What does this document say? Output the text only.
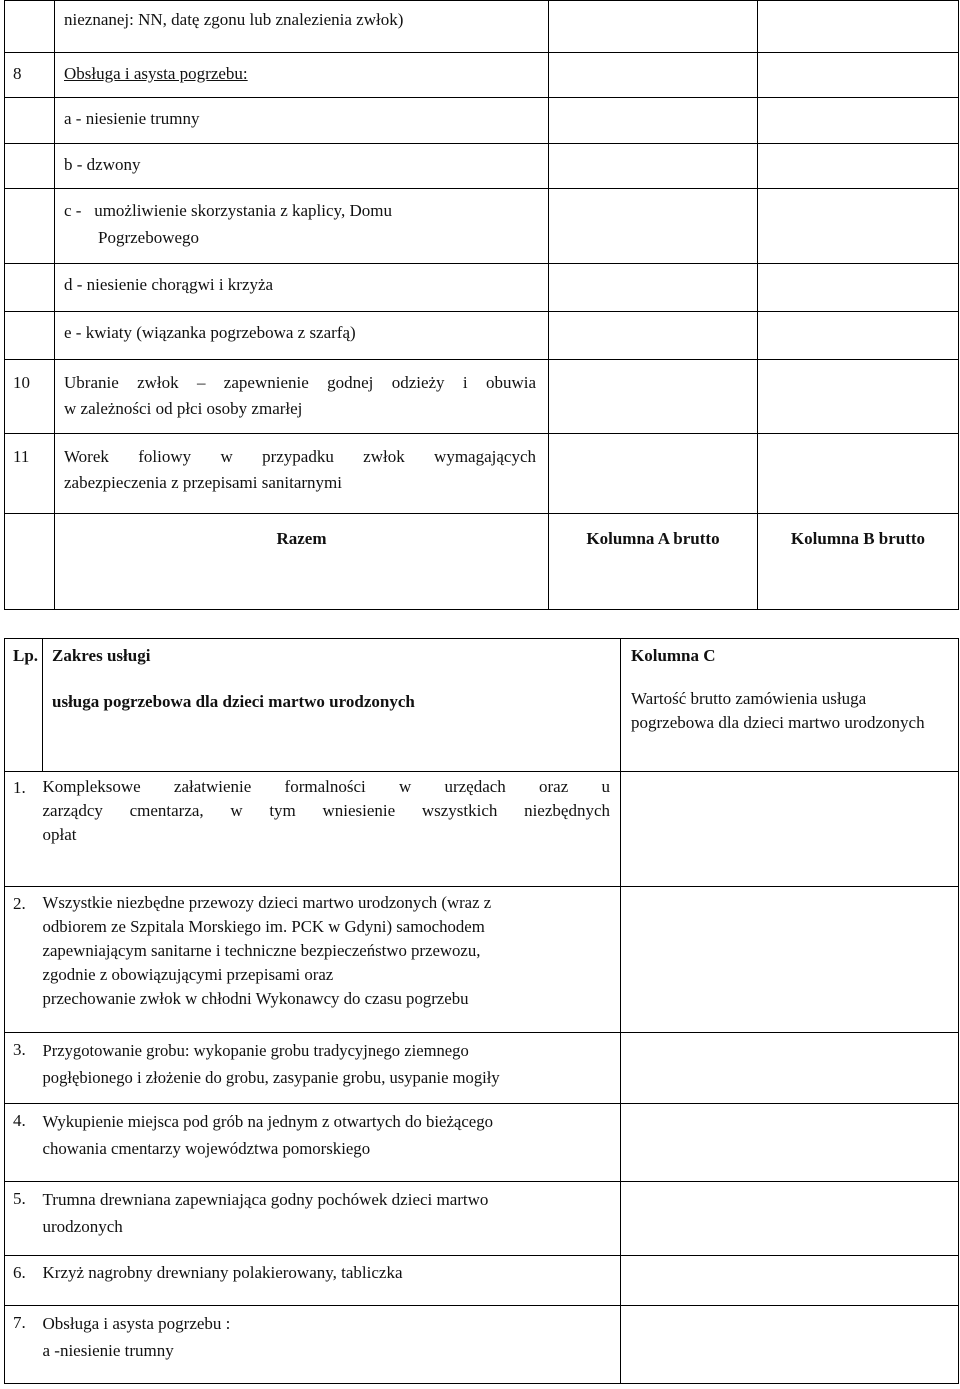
	nieznanej: NN, datę zgonu lub znalezienia zwłok)		

8	Obsługa i asysta pogrzebu:		

	a - niesienie trumny		

	b - dzwony		

	c -   umożliwienie skorzystania z kaplicy, Domu
Pogrzebowego		

	d - niesienie chorągwi i krzyża		

	e - kwiaty (wiązanka pogrzebowa z szarfą)		

10	Ubranie zwłok – zapewnienie godnej odzieży i obuwia
w zależności od płci osoby zmarłej		

11	Worek foliowy w przypadku zwłok wymagających
zabezpieczenia z przepisami sanitarnymi		

	Razem	Kolumna A brutto	Kolumna B brutto
Lp.	Zakres usługi
usługa pogrzebowa dla dzieci martwo urodzonych	Kolumna C
Wartość brutto zamówienia usługa pogrzebowa dla dzieci martwo urodzonych

1.	Kompleksowe załatwienie formalności w urzędach oraz u
zarządcy cmentarza, w tym wniesienie wszystkich niezbędnych
opłat	

2.	Wszystkie niezbędne przewozy dzieci martwo urodzonych (wraz z
odbiorem ze Szpitala Morskiego im. PCK w Gdyni) samochodem
zapewniającym sanitarne i techniczne bezpieczeństwo przewozu,
zgodnie z obowiązującymi przepisami oraz
przechowanie zwłok w chłodni Wykonawcy do czasu pogrzebu	

3.	Przygotowanie grobu: wykopanie grobu tradycyjnego ziemnego
pogłębionego i złożenie do grobu, zasypanie grobu, usypanie mogiły	

4.	Wykupienie miejsca pod grób na jednym z otwartych do bieżącego
chowania cmentarzy województwa pomorskiego	

5.	Trumna drewniana zapewniająca godny pochówek dzieci martwo
urodzonych	

6.	Krzyż nagrobny drewniany polakierowany, tabliczka	

7.	Obsługa i asysta pogrzebu :
a -niesienie trumny	
